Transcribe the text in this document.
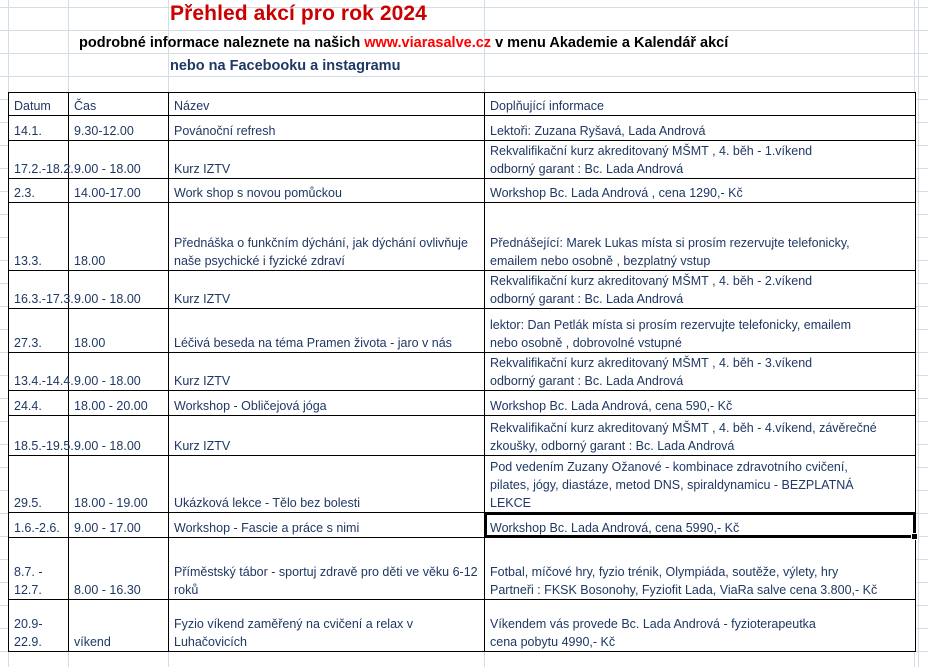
Přehled akcí pro rok 2024
podrobné informace naleznete na našich www.viarasalve.cz v menu Akademie a Kalendář akcí
nebo na Facebooku a instagramu
Datum	Čas	Název	Doplňující informace
14.1.	9.30-12.00	Povánoční refresh	Lektoři: Zuzana Ryšavá, Lada Andrová

17.2.-18.2.	9.00 - 18.00	Kurz IZTV	Rekvalifikační kurz akreditovaný MŠMT , 4. běh - 1.víkend
odborný garant : Bc. Lada Andrová

2.3.	14.00-17.00	Work shop s novou pomůckou	Workshop Bc. Lada Andrová , cena 1290,- Kč

13.3.	18.00	Přednáška o funkčním dýchání, jak dýchání ovlivňuje naše psychické i fyzické zdraví	Přednášející: Marek Lukas místa si prosím rezervujte telefonicky,
emailem nebo osobně , bezplatný vstup

16.3.-17.3.	9.00 - 18.00	Kurz IZTV	Rekvalifikační kurz akreditovaný MŠMT , 4. běh - 2.víkend
odborný garant : Bc. Lada Andrová

27.3.	18.00	Léčivá beseda na téma Pramen života - jaro v nás	lektor: Dan Petlák místa si prosím rezervujte telefonicky, emailem
nebo osobně , dobrovolné vstupné

13.4.-14.4.	9.00 - 18.00	Kurz IZTV	Rekvalifikační kurz akreditovaný MŠMT , 4. běh - 3.víkend
odborný garant : Bc. Lada Andrová

24.4.	18.00 - 20.00	Workshop - Obličejová jóga	Workshop Bc. Lada Andrová, cena 590,- Kč

18.5.-19.5.	9.00 - 18.00	Kurz IZTV	Rekvalifikační kurz akreditovaný MŠMT , 4. běh - 4.víkend, závěrečné
zkoušky, odborný garant : Bc. Lada Andrová

29.5.	18.00 - 19.00	Ukázková lekce - Tělo bez bolesti	Pod vedením Zuzany Ožanové - kombinace zdravotního cvičení,
pilates, jógy, diastáze, metod DNS, spiraldynamicu - BEZPLATNÁ
LEKCE

1.6.-2.6.	9.00 - 17.00	Workshop - Fascie a práce s nimi	Workshop Bc. Lada Andrová, cena 5990,- Kč

8.7. - 12.7.	8.00 - 16.30	Příměstský tábor - sportuj zdravě pro děti ve věku 6-12 roků	Fotbal, míčové hry, fyzio trénik, Olympiáda, soutěže, výlety, hry
Partneři : FKSK Bosonohy, Fyziofit Lada, ViaRa salve cena 3.800,- Kč

20.9-22.9.	víkend	Fyzio víkend zaměřený na cvičení a relax v Luhačovicích	Víkendem vás provede Bc. Lada Andrová - fyzioterapeutka
cena pobytu 4990,- Kč
